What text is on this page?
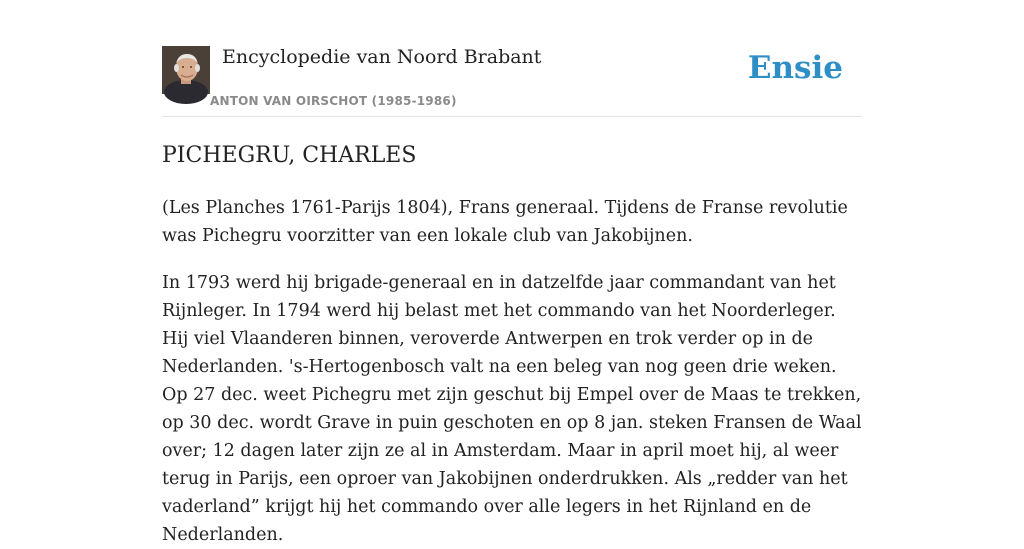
Encyclopedie van Noord Brabant
ANTON VAN OIRSCHOT (1985-1986)
Ensie
PICHEGRU, CHARLES

(Les Planches 1761-Parijs 1804), Frans generaal. Tijdens de Franse revolutie was Pichegru voorzitter van een lokale club van Jakobijnen.

In 1793 werd hij brigade-generaal en in datzelfde jaar commandant van het Rijnleger. In 1794 werd hij belast met het commando van het Noorderleger. Hij viel Vlaanderen binnen, veroverde Antwerpen en trok verder op in de Nederlanden. 's-Hertogenbosch valt na een beleg van nog geen drie weken. Op 27 dec. weet Pichegru met zijn geschut bij Empel over de Maas te trekken, op 30 dec. wordt Grave in puin geschoten en op 8 jan. steken Fransen de Waal over; 12 dagen later zijn ze al in Amsterdam. Maar in april moet hij, al weer terug in Parijs, een oproer van Jakobijnen onderdrukken. Als „redder van het vaderland” krijgt hij het commando over alle legers in het Rijnland en de Nederlanden.
